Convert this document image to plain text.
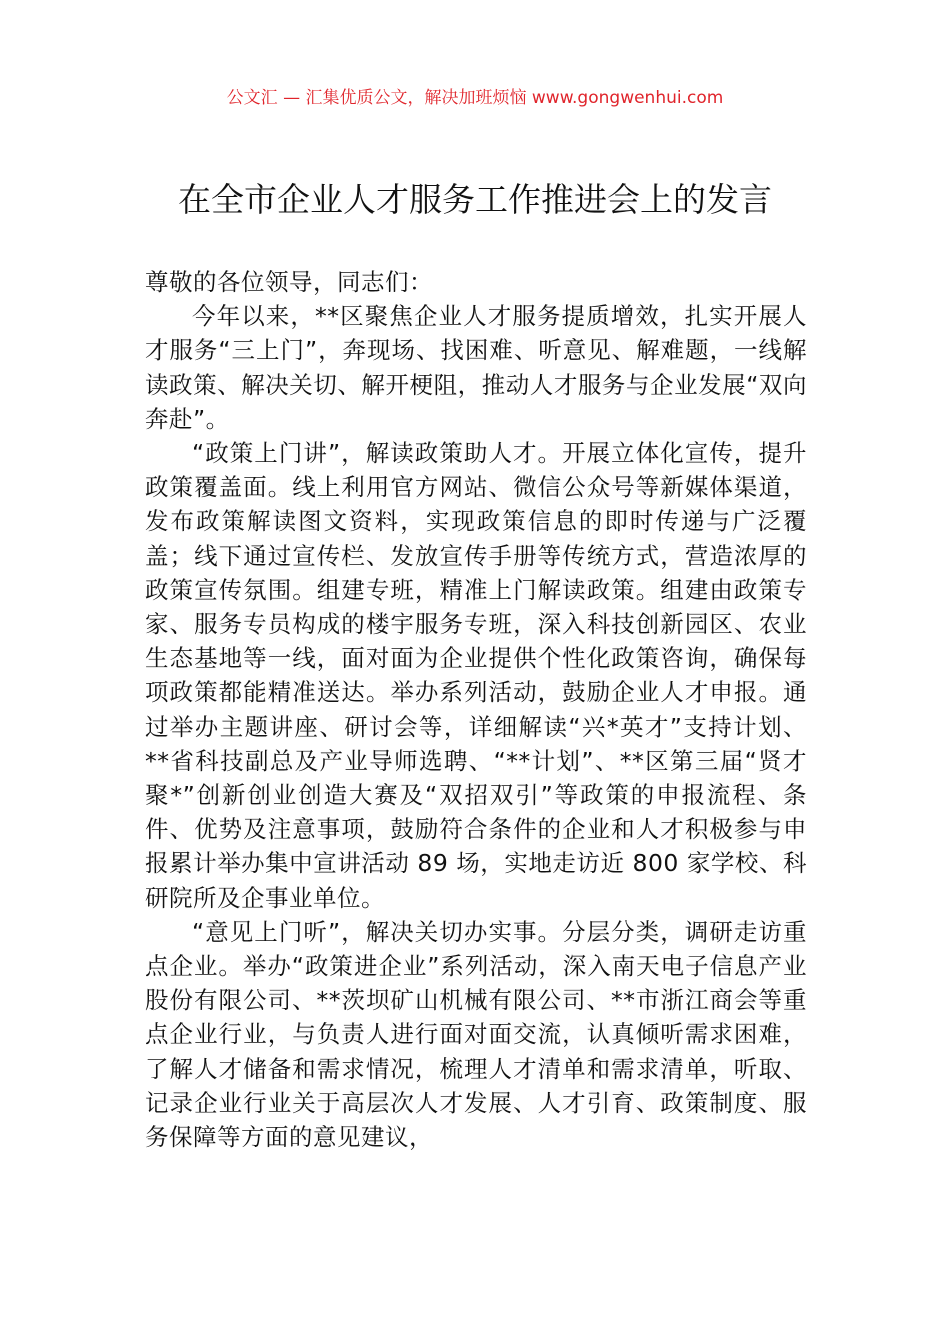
公文汇 — 汇集优质公文，解决加班烦恼 www.gongwenhui.com
在全市企业人才服务工作推进会上的发言

尊敬的各位领导，同志们：

今年以来，**区聚焦企业人才服务提质增效，扎实开展人才服务“三上门”，奔现场、找困难、听意见、解难题，一线解读政策、解决关切、解开梗阻，推动人才服务与企业发展“双向奔赴”。

“政策上门讲”，解读政策助人才。开展立体化宣传，提升政策覆盖面。线上利用官方网站、微信公众号等新媒体渠道，发布政策解读图文资料，实现政策信息的即时传递与广泛覆盖；线下通过宣传栏、发放宣传手册等传统方式，营造浓厚的政策宣传氛围。组建专班，精准上门解读政策。组建由政策专家、服务专员构成的楼宇服务专班，深入科技创新园区、农业生态基地等一线，面对面为企业提供个性化政策咨询，确保每项政策都能精准送达。举办系列活动，鼓励企业人才申报。通过举办主题讲座、研讨会等，详细解读“兴*英才”支持计划、**省科技副总及产业导师选聘、“**计划”、**区第三届“贤才聚*”创新创业创造大赛及“双招双引”等政策的申报流程、条件、优势及注意事项，鼓励符合条件的企业和人才积极参与申报累计举办集中宣讲活动 89 场，实地走访近 800 家学校、科研院所及企事业单位。

“意见上门听”，解决关切办实事。分层分类，调研走访重点企业。举办“政策进企业”系列活动，深入南天电子信息产业股份有限公司、**茨坝矿山机械有限公司、**市浙江商会等重点企业行业，与负责人进行面对面交流，认真倾听需求困难，了解人才储备和需求情况，梳理人才清单和需求清单，听取、记录企业行业关于高层次人才发展、人才引育、政策制度、服务保障等方面的意见建议，
